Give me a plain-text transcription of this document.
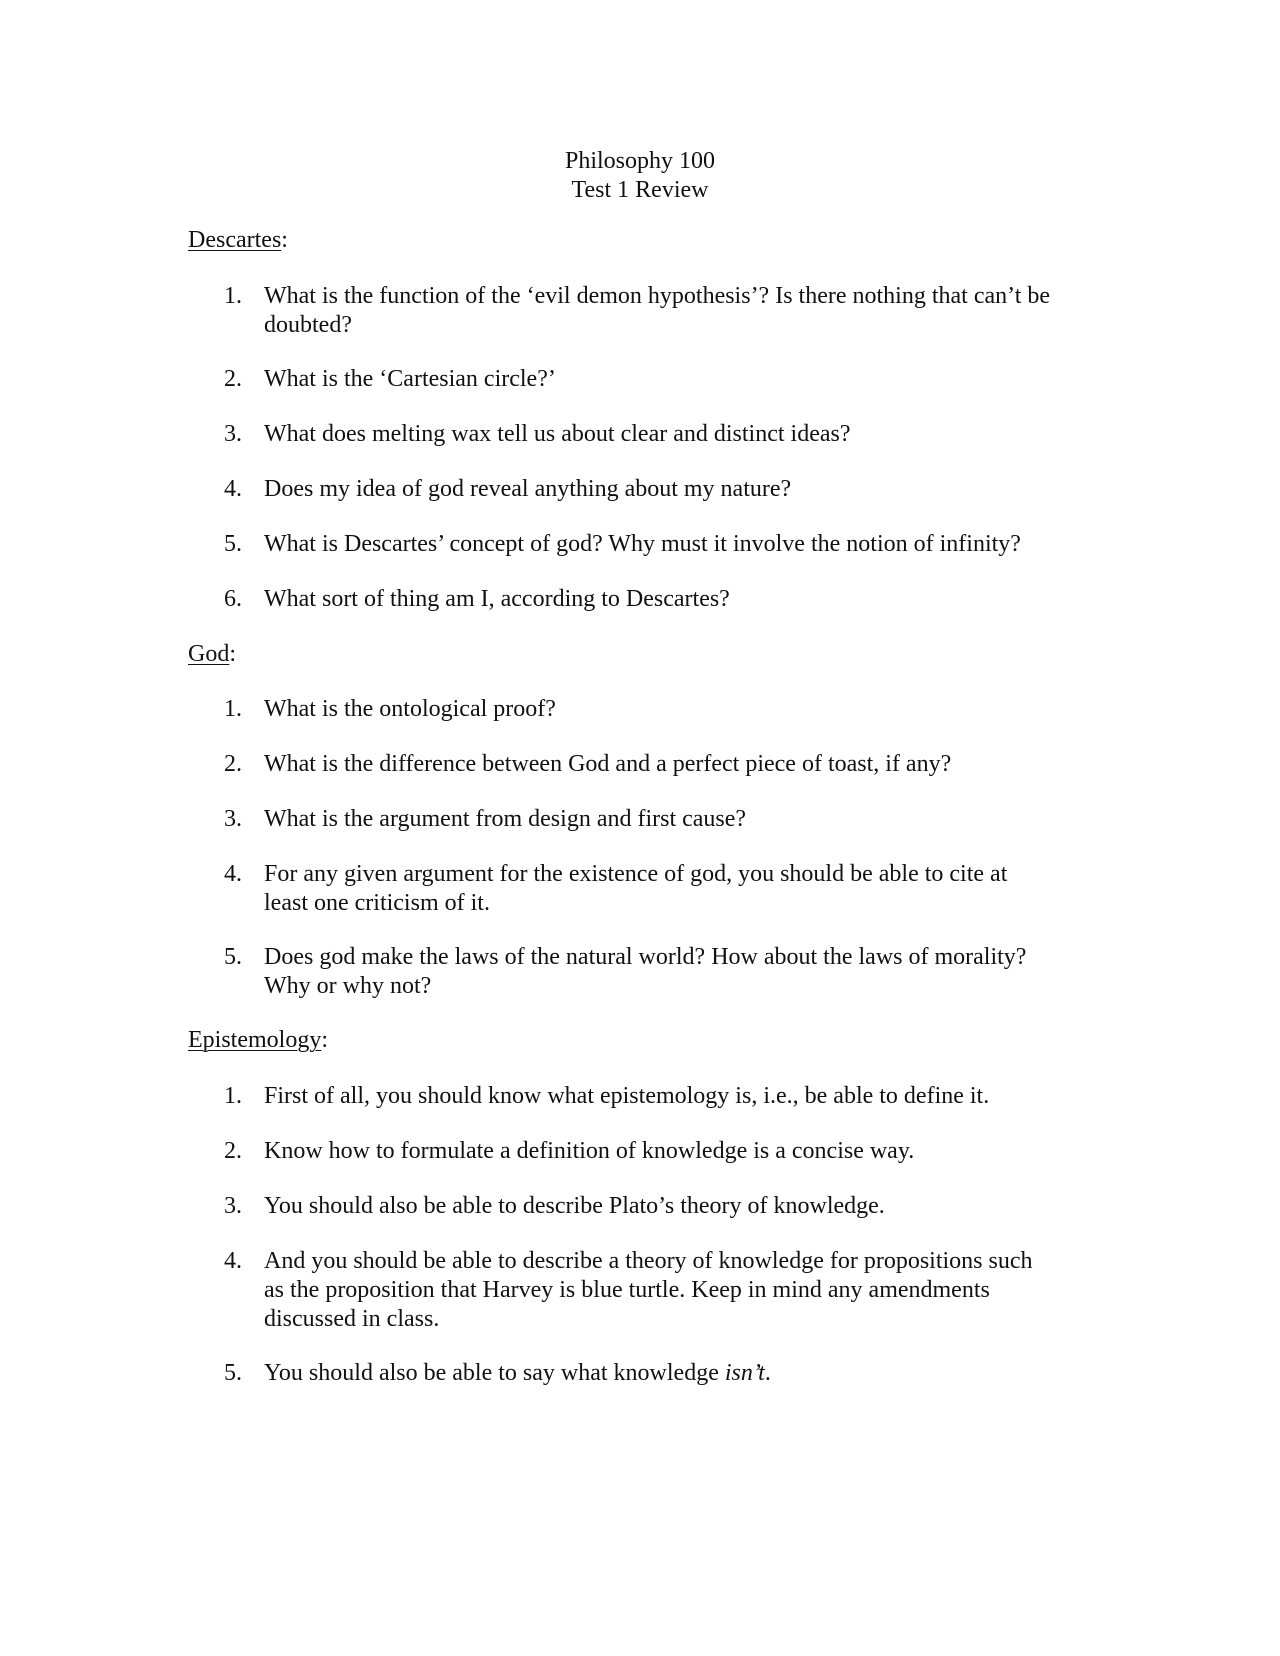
Philosophy 100
Test 1 Review
Descartes:
1. What is the function of the ‘evil demon hypothesis’? Is there nothing that can’t be
doubted?
2. What is the ‘Cartesian circle?’
3. What does melting wax tell us about clear and distinct ideas?
4. Does my idea of god reveal anything about my nature?
5. What is Descartes’ concept of god? Why must it involve the notion of infinity?
6. What sort of thing am I, according to Descartes?
God:
1. What is the ontological proof?
2. What is the difference between God and a perfect piece of toast, if any?
3. What is the argument from design and first cause?
4. For any given argument for the existence of god, you should be able to cite at
least one criticism of it.
5. Does god make the laws of the natural world? How about the laws of morality?
Why or why not?
Epistemology:
1. First of all, you should know what epistemology is, i.e., be able to define it.
2. Know how to formulate a definition of knowledge is a concise way.
3. You should also be able to describe Plato’s theory of knowledge.
4. And you should be able to describe a theory of knowledge for propositions such
as the proposition that Harvey is blue turtle. Keep in mind any amendments
discussed in class.
5. You should also be able to say what knowledge isn’t.
